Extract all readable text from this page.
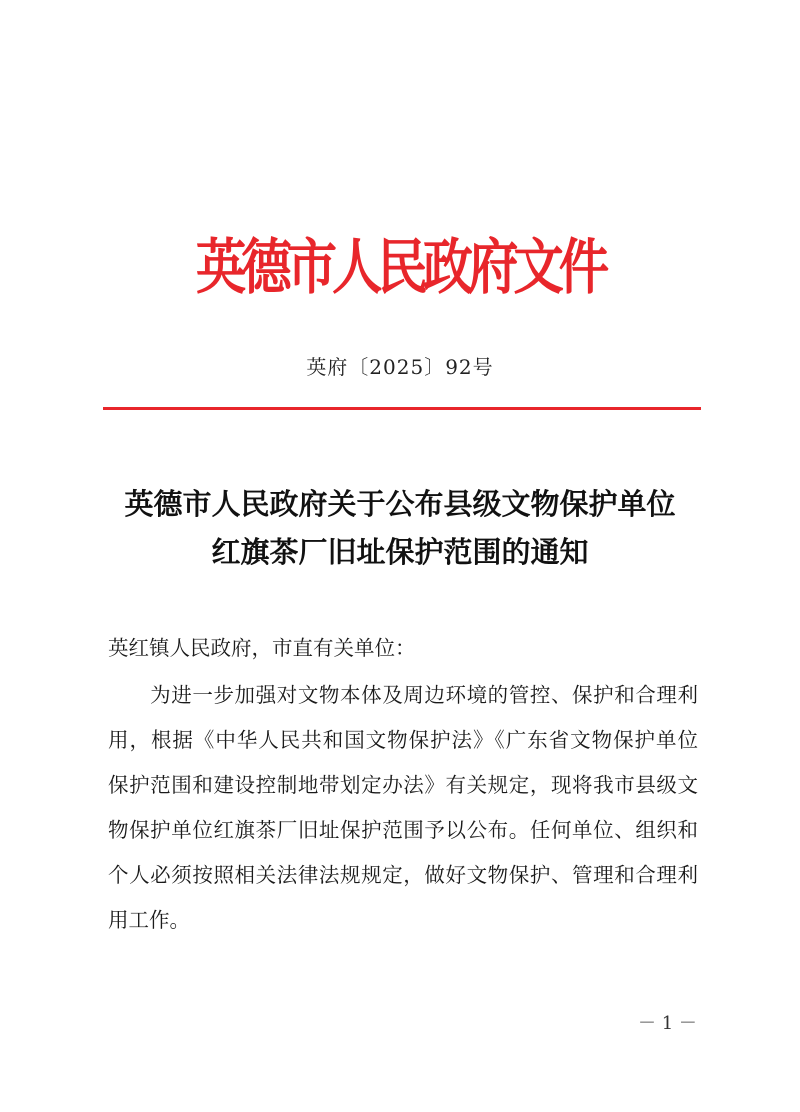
英德市人民政府文件
英府〔2025〕92号
英德市人民政府关于公布县级文物保护单位
红旗茶厂旧址保护范围的通知
英红镇人民政府，市直有关单位：
　　为进一步加强对文物本体及周边环境的管控、保护和合理利
用，根据《中华人民共和国文物保护法》《广东省文物保护单位
保护范围和建设控制地带划定办法》有关规定，现将我市县级文
物保护单位红旗茶厂旧址保护范围予以公布。任何单位、组织和
个人必须按照相关法律法规规定，做好文物保护、管理和合理利
用工作。
－ 1 －
